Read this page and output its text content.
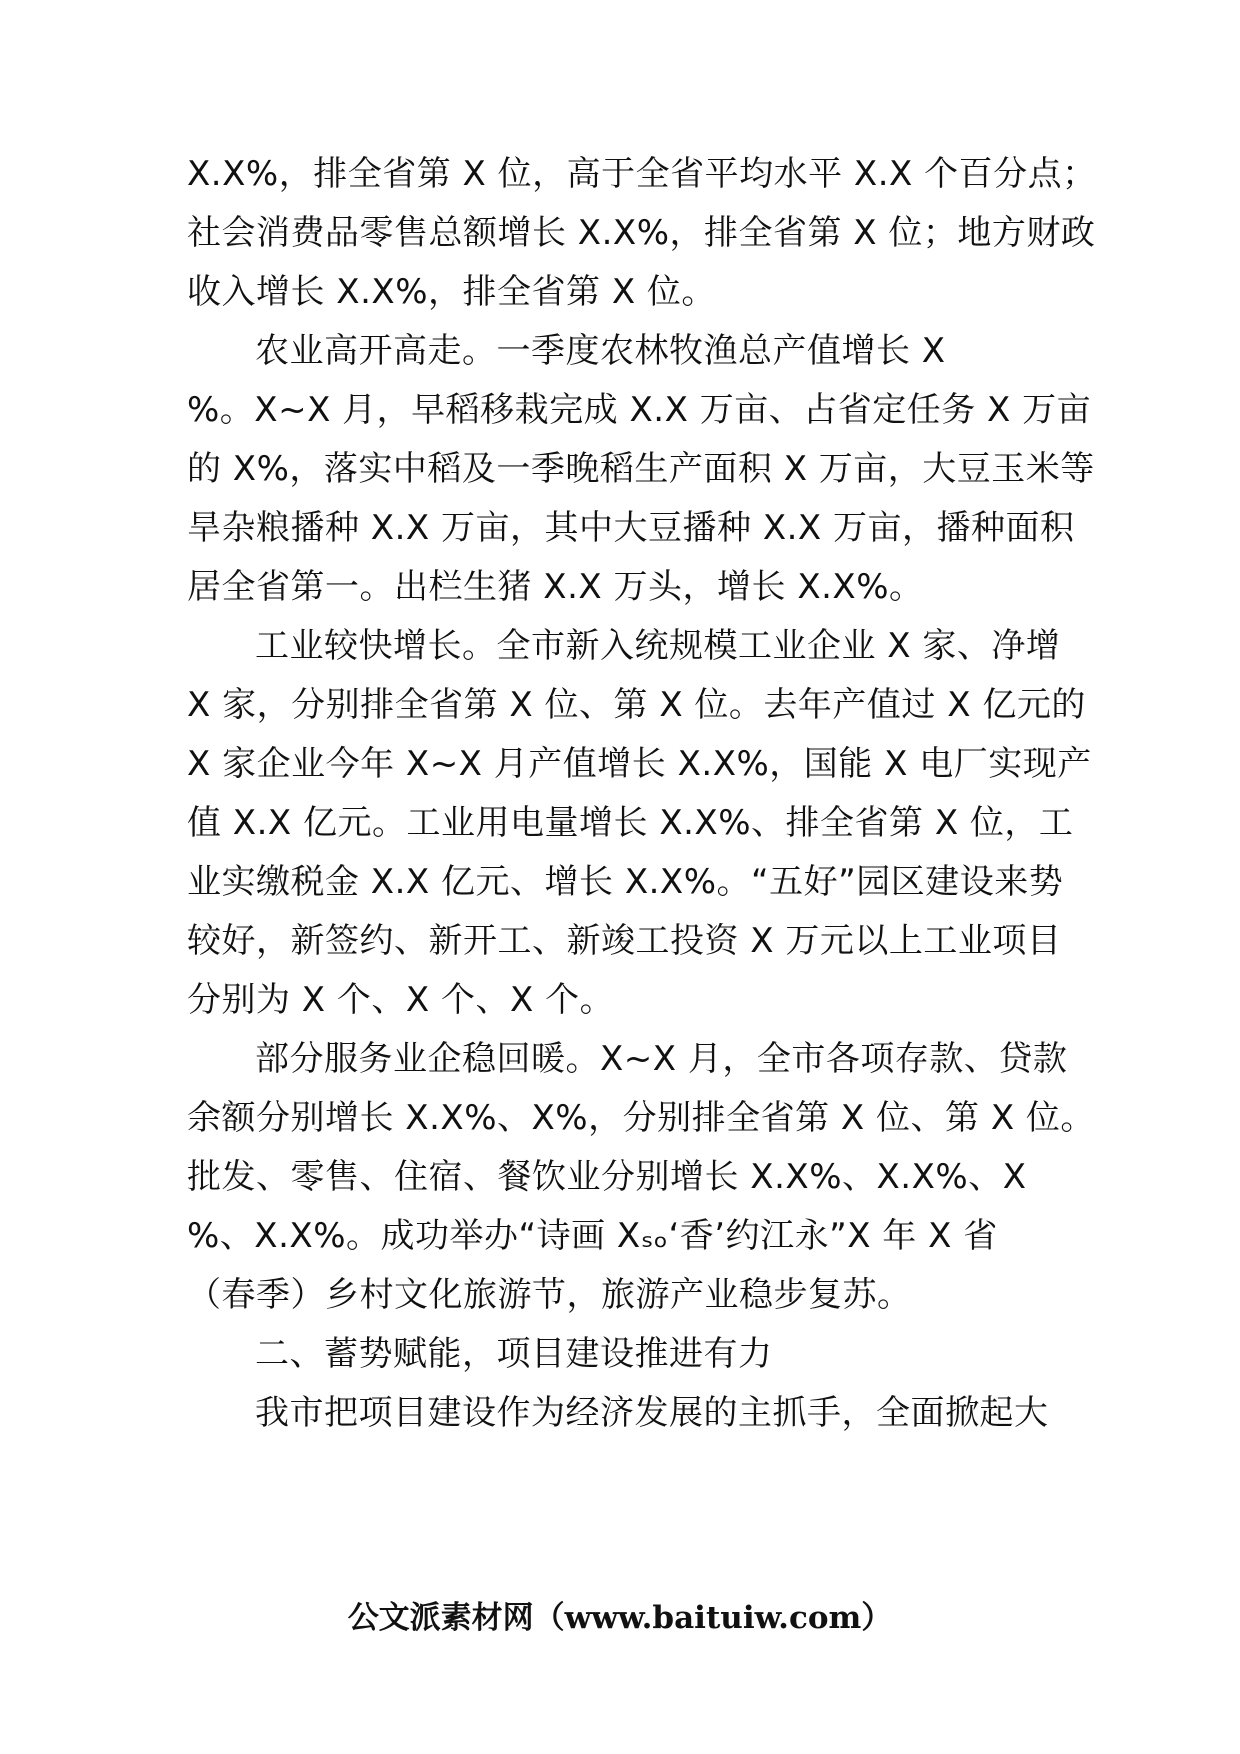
X.X%，排全省第 X 位，高于全省平均水平 X.X 个百分点；
社会消费品零售总额增长 X.X%，排全省第 X 位；地方财政
收入增长 X.X%，排全省第 X 位。
农业高开高走。一季度农林牧渔总产值增长 X
%。X~X 月，早稻移栽完成 X.X 万亩、占省定任务 X 万亩
的 X%，落实中稻及一季晚稻生产面积 X 万亩，大豆玉米等
旱杂粮播种 X.X 万亩，其中大豆播种 X.X 万亩，播种面积
居全省第一。出栏生猪 X.X 万头，增长 X.X%。
工业较快增长。全市新入统规模工业企业 X 家、净增
X 家，分别排全省第 X 位、第 X 位。去年产值过 X 亿元的
X 家企业今年 X~X 月产值增长 X.X%，国能 X 电厂实现产
值 X.X 亿元。工业用电量增长 X.X%、排全省第 X 位，工
业实缴税金 X.X 亿元、增长 X.X%。“五好”园区建设来势
较好，新签约、新开工、新竣工投资 X 万元以上工业项目
分别为 X 个、X 个、X 个。
部分服务业企稳回暖。X~X 月，全市各项存款、贷款
余额分别增长 X.X%、X%，分别排全省第 X 位、第 X 位。
批发、零售、住宿、餐饮业分别增长 X.X%、X.X%、X
%、X.X%。成功举办“诗画 Xₛₒ‘香’约江永”X 年 X 省
（春季）乡村文化旅游节，旅游产业稳步复苏。
二、蓄势赋能，项目建设推进有力
我市把项目建设作为经济发展的主抓手，全面掀起大
公文派素材网（www.baituiw.com）
